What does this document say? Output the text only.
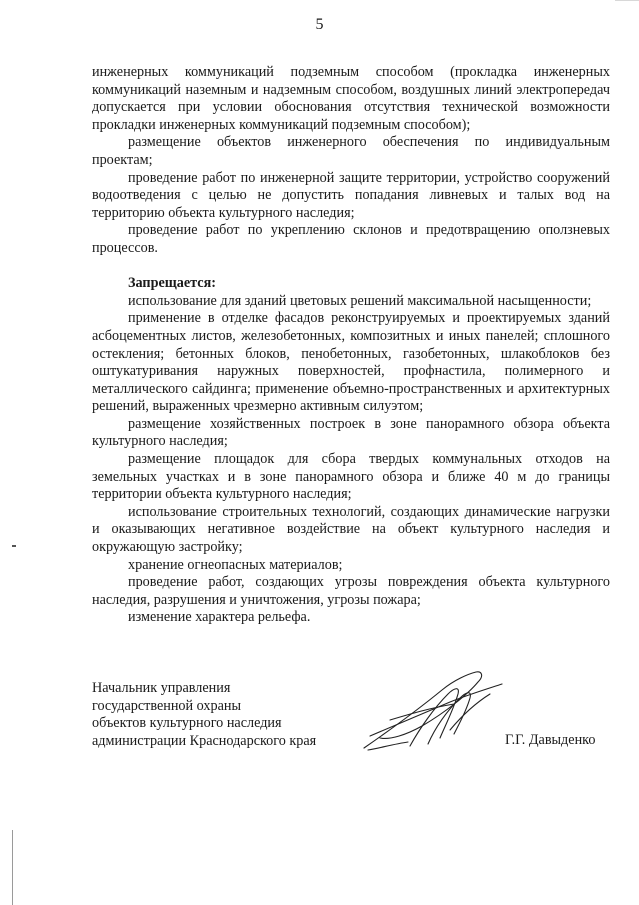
5

инженерных коммуникаций подземным способом (прокладка инженерных коммуникаций наземным и надземным способом, воздушных линий электропередач допускается при условии обоснования отсутствия технической возможности прокладки инженерных коммуникаций подземным способом);

размещение объектов инженерного обеспечения по индивидуальным проектам;

проведение работ по инженерной защите территории, устройство сооружений водоотведения с целью не допустить попадания ливневых и талых вод на территорию объекта культурного наследия;

проведение работ по укреплению склонов и предотвращению оползневых процессов.

Запрещается:

использование для зданий цветовых решений максимальной насыщенности;

применение в отделке фасадов реконструируемых и проектируемых зданий асбоцементных листов, железобетонных, композитных и иных панелей; сплошного остекления; бетонных блоков, пенобетонных, газобетонных, шлакоблоков без оштукатуривания наружных поверхностей, профнастила, полимерного и металлического сайдинга; применение объемно-пространственных и архитектурных решений, выраженных чрезмерно активным силуэтом;

размещение хозяйственных построек в зоне панорамного обзора объекта культурного наследия;

размещение площадок для сбора твердых коммунальных отходов на земельных участках и в зоне панорамного обзора и ближе 40 м до границы территории объекта культурного наследия;

использование строительных технологий, создающих динамические нагрузки и оказывающих негативное воздействие на объект культурного наследия и окружающую застройку;

хранение огнеопасных материалов;

проведение работ, создающих угрозы повреждения объекта культурного наследия, разрушения и уничтожения, угрозы пожара;

изменение характера рельефа.

Начальник управления
государственной охраны
объектов культурного наследия
администрации Краснодарского края	Г.Г. Давыденко
